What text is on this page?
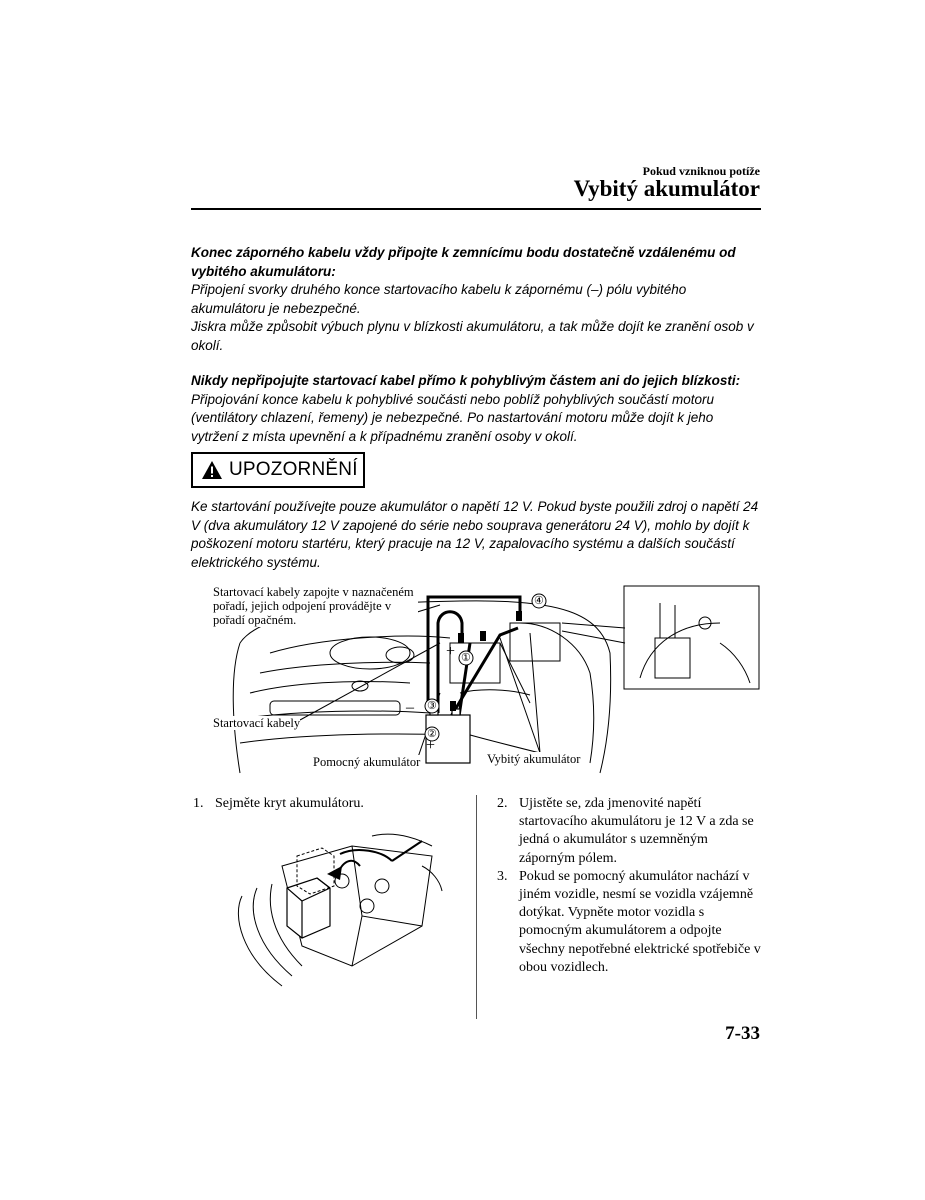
Pokud vzniknou potíže
Vybitý akumulátor

Konec záporného kabelu vždy připojte k zemnícímu bodu dostatečně vzdálenému od vybitého akumulátoru:
Připojení svorky druhého konce startovacího kabelu k zápornému (–) pólu vybitého akumulátoru je nebezpečné.
Jiskra může způsobit výbuch plynu v blízkosti akumulátoru, a tak může dojít ke zranění osob v okolí.

Nikdy nepřipojujte startovací kabel přímo k pohyblivým částem ani do jejich blízkosti:
Připojování konce kabelu k pohyblivé součásti nebo poblíž pohyblivých součástí motoru (ventilátory chlazení, řemeny) je nebezpečné. Po nastartování motoru může dojít k jeho vytržení z místa upevnění a k případnému zranění osoby v okolí.

UPOZORNĚNÍ

Ke startování používejte pouze akumulátor o napětí 12 V. Pokud byste použili zdroj o napětí 24 V (dva akumulátory 12 V zapojené do série nebo souprava generátoru 24 V), mohlo by dojít k poškození motoru startéru, který pracuje na 12 V, zapalovacího systému a dalších součástí elektrického systému.

④
①
③
②
+
+
–
Startovací kabely zapojte v naznačeném pořadí, jejich odpojení provádějte v pořadí opačném.
Startovací kabely
Pomocný akumulátor	Vybitý akumulátor
1. Sejměte kryt akumulátoru.	2. Ujistěte se, zda jmenovité napětí startovacího akumulátoru je 12 V a zda se jedná o akumulátor s uzemněným záporným pólem.
3. Pokud se pomocný akumulátor nachází v jiném vozidle, nesmí se vozidla vzájemně dotýkat. Vypněte motor vozidla s pomocným akumulátorem a odpojte všechny nepotřebné elektrické spotřebiče v obou vozidlech.
7-33
